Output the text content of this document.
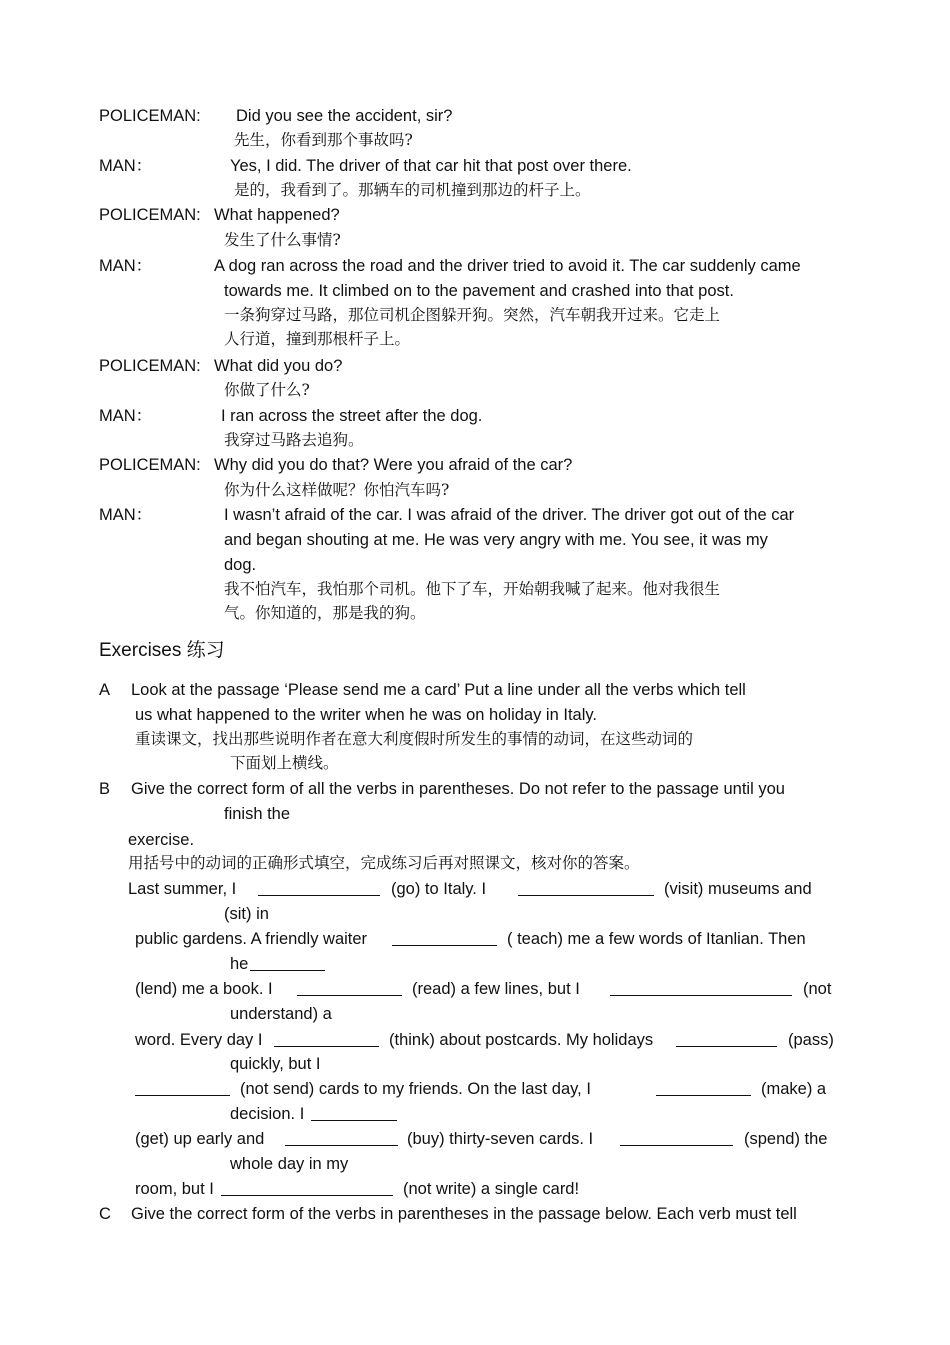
POLICEMAN: Did you see the accident, sir?
先生，你看到那个事故吗?
MAN：	Yes, I did. The driver of that car hit that post over there.
是的，我看到了。那辆车的司机撞到那边的杆子上。
POLICEMAN: What happened?
发生了什么事情?
MAN：	A dog ran across the road and the driver tried to avoid it. The car suddenly came
towards me. It climbed on to the pavement and crashed into that post.
一条狗穿过马路，那位司机企图躲开狗。突然，汽车朝我开过来。它走上
人行道，撞到那根杆子上。
POLICEMAN: What did you do?
你做了什么?
MAN：	I ran across the street after the dog.
我穿过马路去追狗。
POLICEMAN: Why did you do that? Were you afraid of the car?
你为什么这样做呢？你怕汽车吗?
MAN：	I wasn’t afraid of the car. I was afraid of the driver. The driver got out of the car
and began shouting at me. He was very angry with me. You see, it was my
dog.
我不怕汽车，我怕那个司机。他下了车，开始朝我喊了起来。他对我很生
气。你知道的，那是我的狗。
Exercises 练习
A Look at the passage ‘Please send me a card’ Put a line under all the verbs which tell
us what happened to the writer when he was on holiday in Italy.
重读课文，找出那些说明作者在意大利度假时所发生的事情的动词，在这些动词的
下面划上横线。
B Give the correct form of all the verbs in parentheses. Do not refer to the passage until you
finish the
exercise.
用括号中的动词的正确形式填空，完成练习后再对照课文，核对你的答案。
Last summer, I	(go) to Italy. I	(visit) museums and
(sit) in
public gardens. A friendly waiter	( teach) me a few words of Itanlian. Then
he
(lend) me a book. I	(read) a few lines, but I	(not
understand) a
word. Every day I	(think) about postcards. My holidays	(pass)
quickly, but I
(not send) cards to my friends. On the last day, I	(make) a
decision. I
(get) up early and	(buy) thirty-seven cards. I	(spend) the
whole day in my
room, but I	(not write) a single card!
C Give the correct form of the verbs in parentheses in the passage below. Each verb must tell
